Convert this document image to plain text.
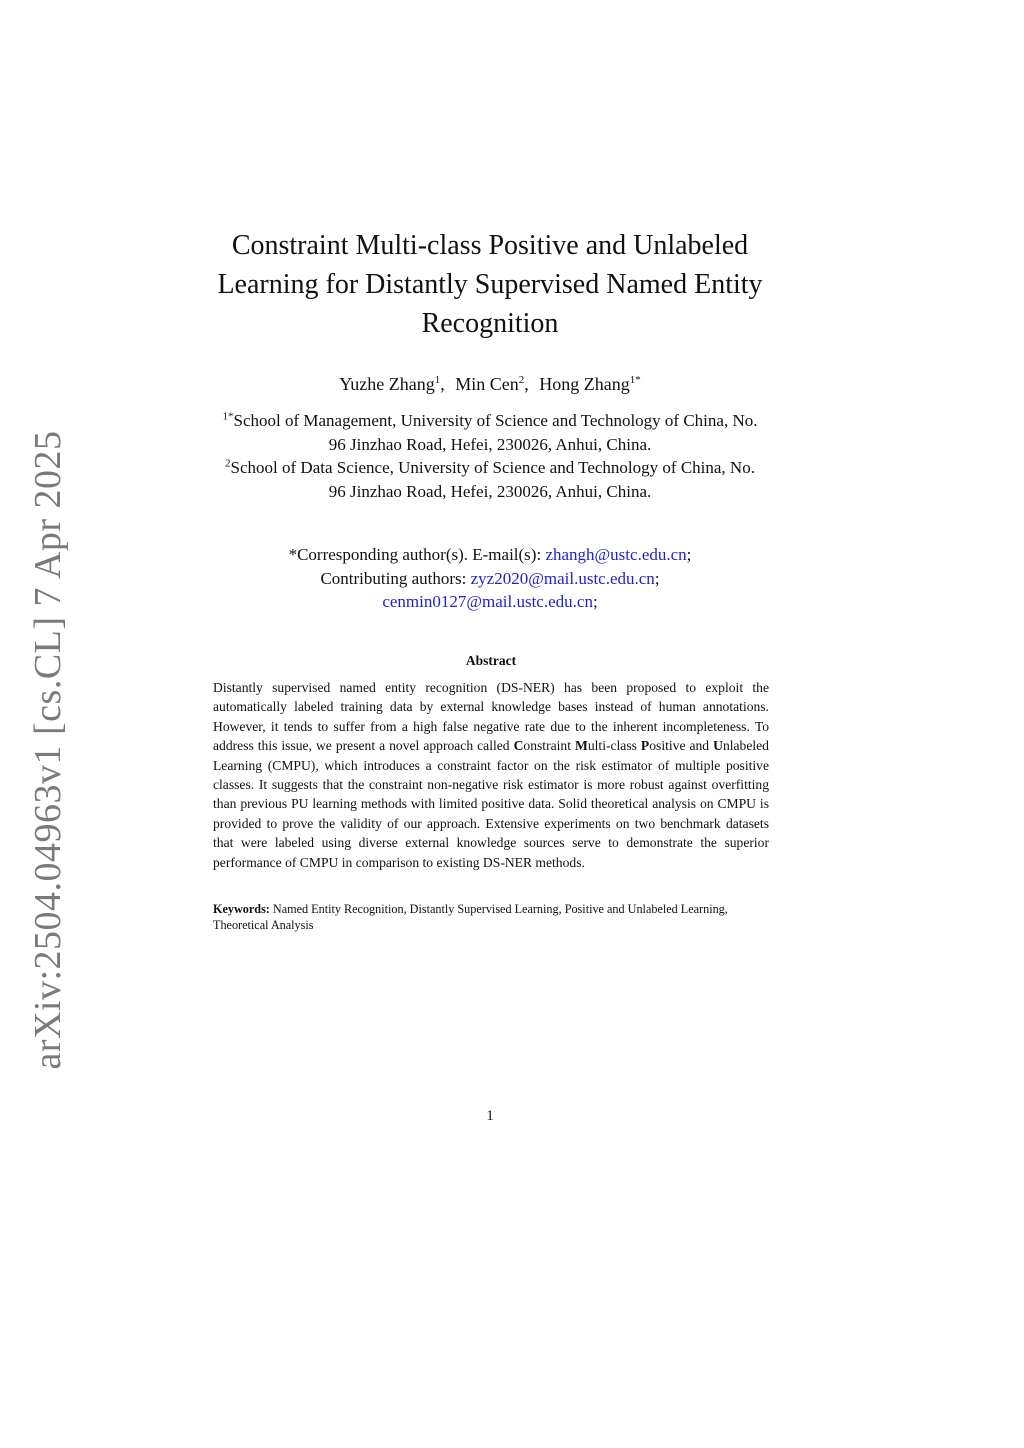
arXiv:2504.04963v1 [cs.CL] 7 Apr 2025
Constraint Multi-class Positive and Unlabeled
Learning for Distantly Supervised Named Entity
Recognition
Yuzhe Zhang$^1$, Min Cen$^2$, Hong Zhang$^{1*}$
$^{1*}$School of Management, University of Science and Technology of China, No.
96 Jinzhao Road, Hefei, 230026, Anhui, China.
$^2$School of Data Science, University of Science and Technology of China, No.
96 Jinzhao Road, Hefei, 230026, Anhui, China.
*Corresponding author(s). E-mail(s): zhangh@ustc.edu.cn;
Contributing authors: zyz2020@mail.ustc.edu.cn;
cenmin0127@mail.ustc.edu.cn;
Abstract
Distantly supervised named entity recognition (DS-NER) has been proposed to exploit the automatically labeled training data by external knowledge bases instead of human annotations. However, it tends to suffer from a high false negative rate due to the inherent incompleteness. To address this issue, we present a novel approach called Constraint Multi-class Positive and Unlabeled Learning (CMPU), which introduces a constraint factor on the risk estimator of multiple positive classes. It suggests that the constraint non-negative risk estimator is more robust against overfitting than previous PU learning methods with limited positive data. Solid theoretical analysis on CMPU is provided to prove the validity of our approach. Extensive experiments on two benchmark datasets that were labeled using diverse external knowledge sources serve to demonstrate the superior performance of CMPU in comparison to existing DS-NER methods.
Keywords: Named Entity Recognition, Distantly Supervised Learning, Positive and Unlabeled Learning, Theoretical Analysis
1
